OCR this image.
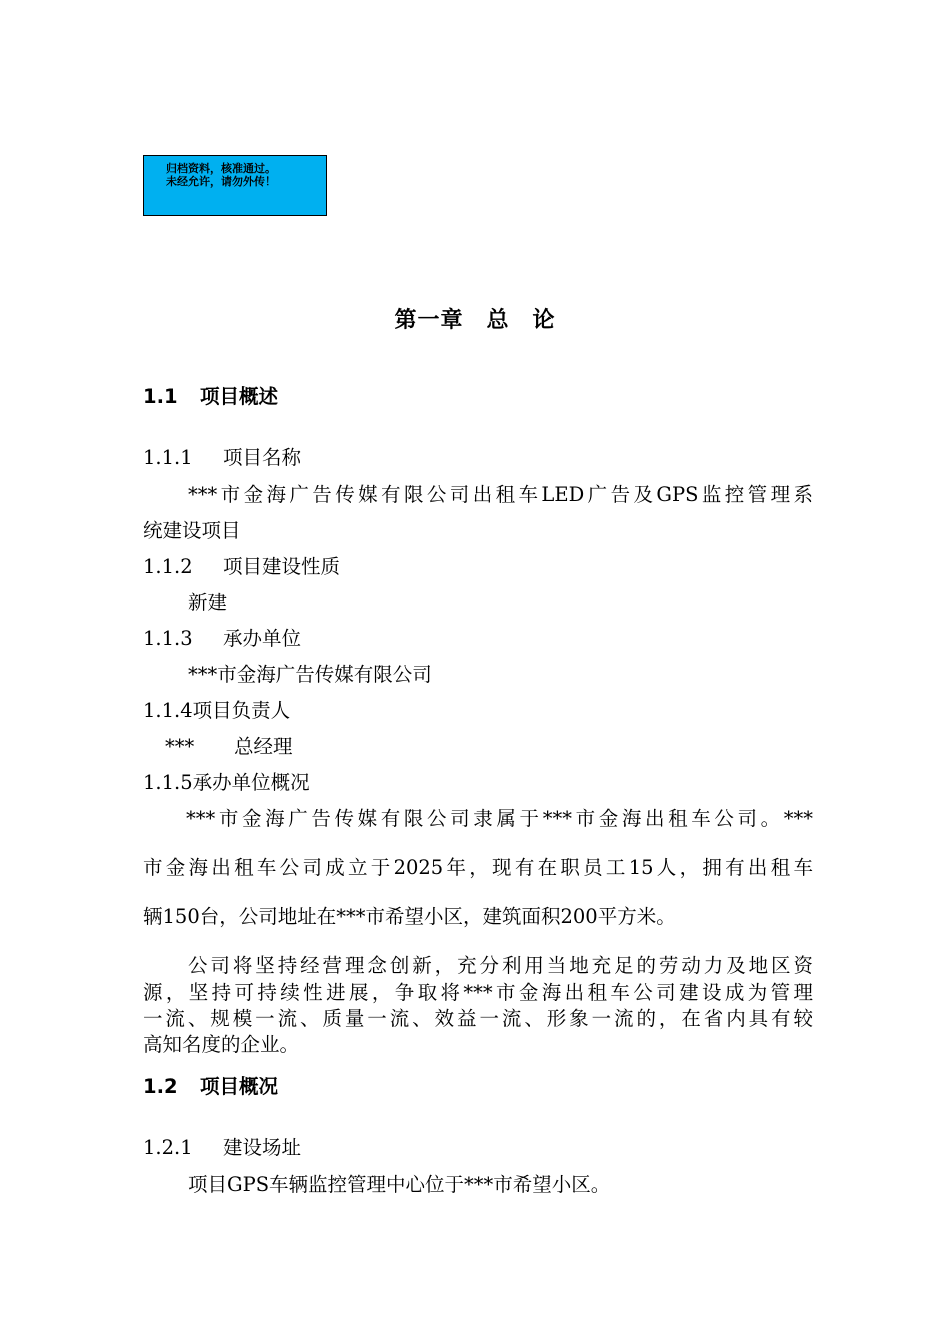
归档资料，核准通过。
未经允许，请勿外传！
第一章　总　论
1.1 项目概述
1.1.1 项目名称
***市金海广告传媒有限公司出租车LED广告及GPS监控管理系
统建设项目
1.1.2 项目建设性质
新建
1.1.3 承办单位
***市金海广告传媒有限公司
1.1.4项目负责人
*** 总经理
1.1.5承办单位概况
***市金海广告传媒有限公司隶属于***市金海出租车公司。***
市金海出租车公司成立于2025年，现有在职员工15人，拥有出租车
辆150台，公司地址在***市希望小区，建筑面积200平方米。
公司将坚持经营理念创新，充分利用当地充足的劳动力及地区资
源，坚持可持续性进展，争取将***市金海出租车公司建设成为管理
一流、规模一流、质量一流、效益一流、形象一流的，在省内具有较
高知名度的企业。
1.2 项目概况
1.2.1 建设场址
项目GPS车辆监控管理中心位于***市希望小区。
